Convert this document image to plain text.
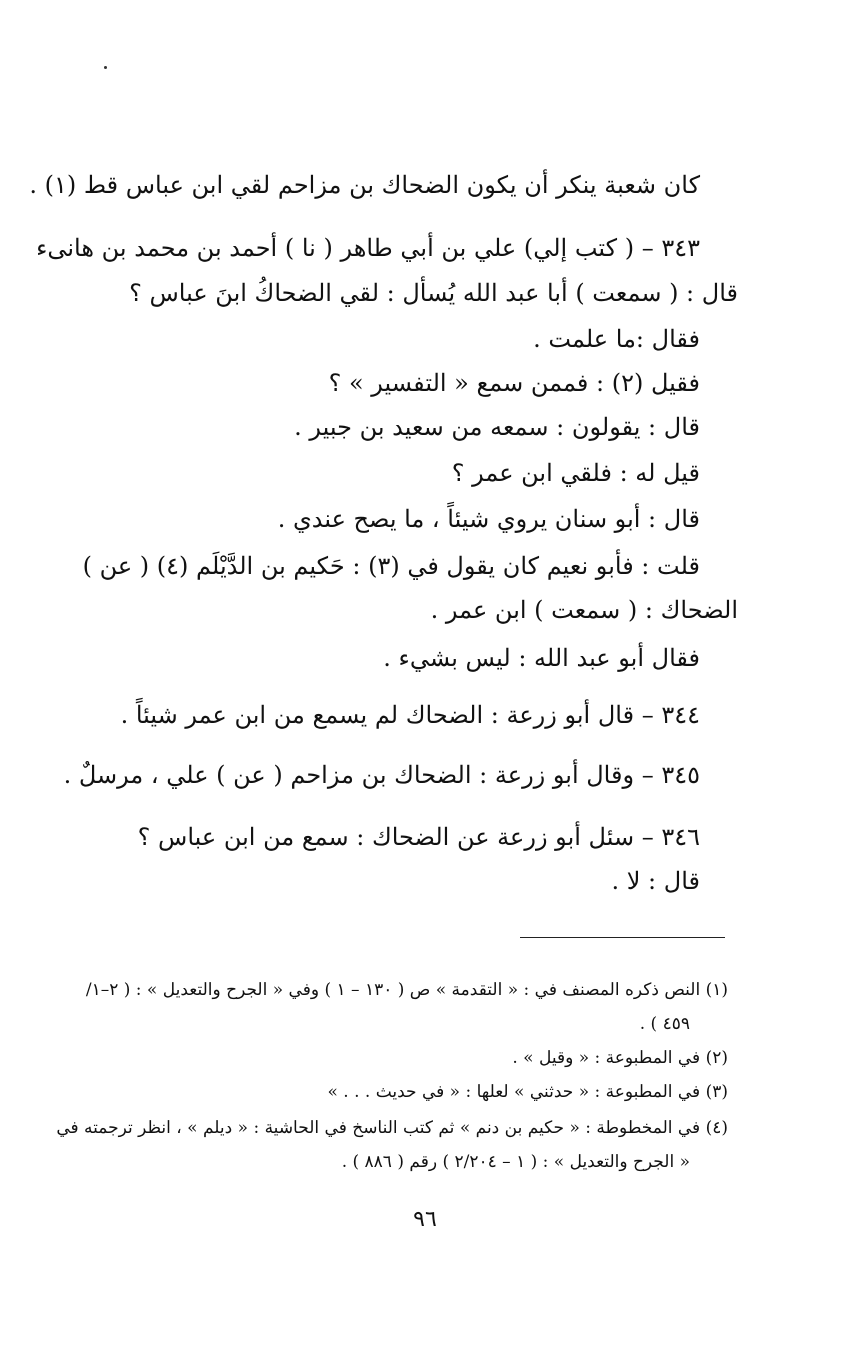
كان شعبة ينكر أن يكون الضحاك بن مزاحم لقي ابن عباس قط (١) .
٣٤٣ – ( كتب إلي) علي بن أبي طاهر ( نا ) أحمد بن محمد بن هانىء
قال : ( سمعت ) أبا عبد الله يُسأل : لقي الضحاكُ ابنَ عباس ؟
فقال :ما علمت .
فقيل (٢) : فممن سمع « التفسير » ؟
قال : يقولون : سمعه من سعيد بن جبير .
قيل له : فلقي ابن عمر ؟
قال : أبو سنان يروي شيئاً ، ما يصح عندي .
قلت : فأبو نعيم كان يقول في (٣) : حَكيم بن الدَّيْلَم (٤) ( عن )
الضحاك : ( سمعت ) ابن عمر .
فقال أبو عبد الله : ليس بشيء .
٣٤٤ – قال أبو زرعة : الضحاك لم يسمع من ابن عمر شيئاً .
٣٤٥ – وقال أبو زرعة : الضحاك بن مزاحم ( عن ) علي ، مرسلٌ .
٣٤٦ – سئل أبو زرعة عن الضحاك : سمع من ابن عباس ؟
قال : لا .
(١) النص ذكره المصنف في : « التقدمة » ص ( ١٣٠ – ١ ) وفي « الجرح والتعديل » : ( ٢–١/
٤٥٩ ) .
(٢) في المطبوعة : « وقيل » .
(٣) في المطبوعة : « حدثني » لعلها : « في حديث . . . »
(٤) في المخطوطة : « حكيم بن دنم » ثم كتب الناسخ في الحاشية : « ديلم » ، انظر ترجمته في
« الجرح والتعديل » : ( ١ – ٢/٢٠٤ ) رقم ( ٨٨٦ ) .
٩٦
